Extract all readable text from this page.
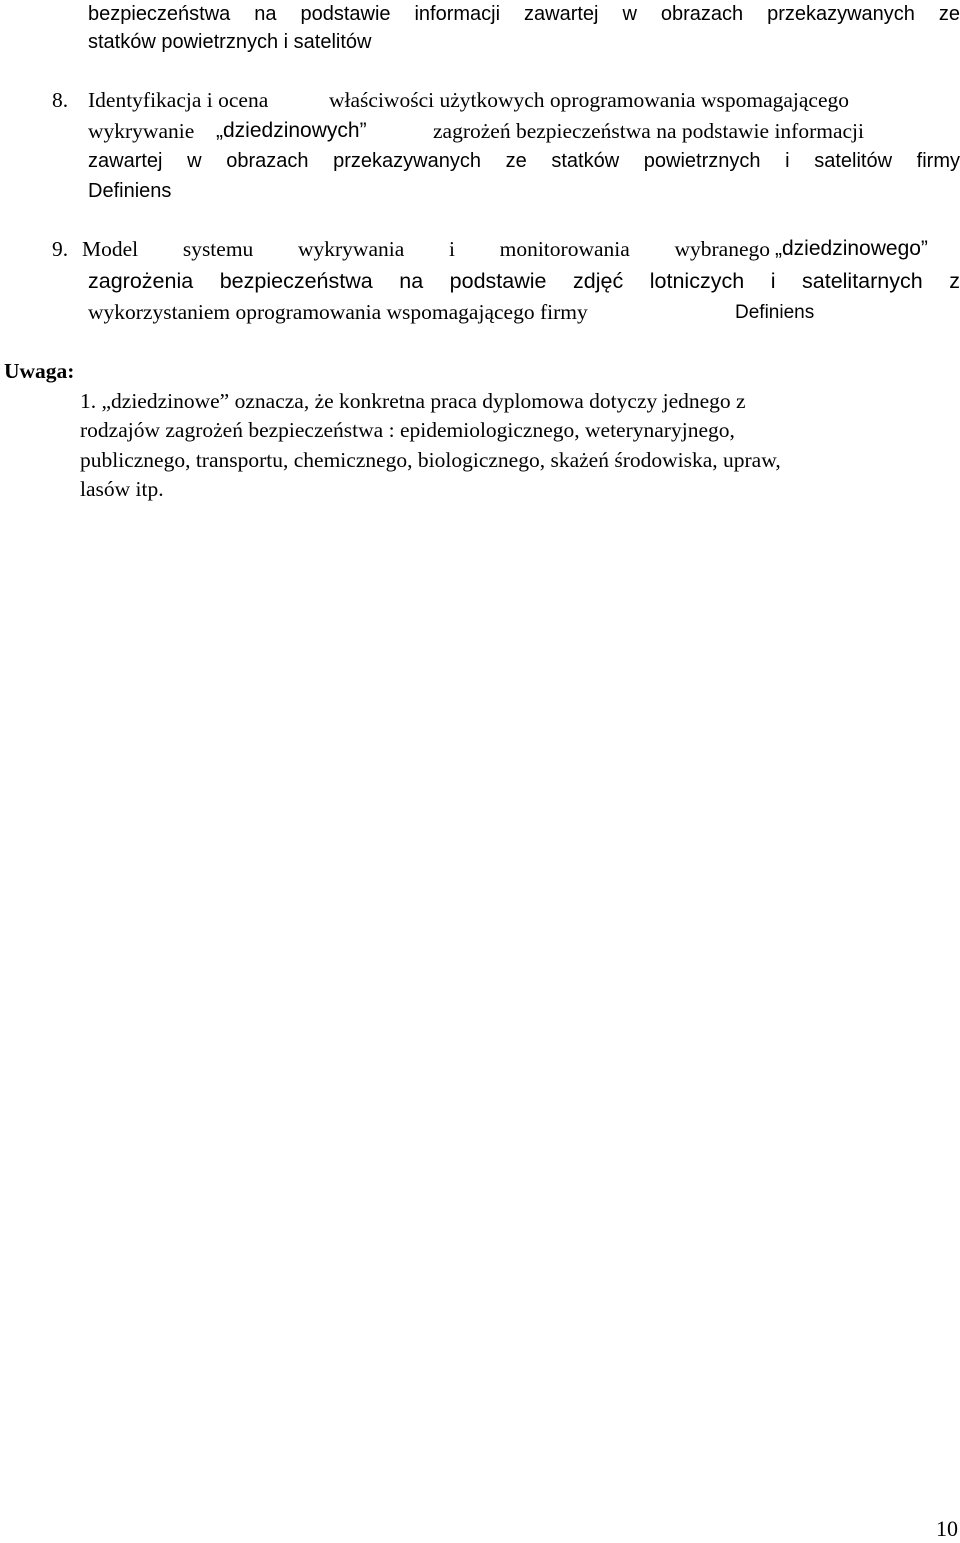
bezpieczeństwa na podstawie informacji zawartej w obrazach przekazywanych ze
statków powietrznych i satelitów
8. Identyfikacja i ocena	właściwości użytkowych oprogramowania wspomagającego
wykrywanie „dziedzinowych”	zagrożeń bezpieczeństwa na podstawie informacji
zawartej w obrazach przekazywanych ze statków powietrznych i satelitów firmy
Definiens
9. Model systemu wykrywania i monitorowania wybranego „dziedzinowego”
zagrożenia bezpieczeństwa na podstawie zdjęć lotniczych i satelitarnych z
wykorzystaniem oprogramowania wspomagającego firmy	Definiens
Uwaga:
1. „dziedzinowe” oznacza, że konkretna praca dyplomowa dotyczy jednego z
rodzajów zagrożeń bezpieczeństwa : epidemiologicznego, weterynaryjnego,
publicznego, transportu, chemicznego, biologicznego, skażeń środowiska, upraw,
lasów itp.
10
